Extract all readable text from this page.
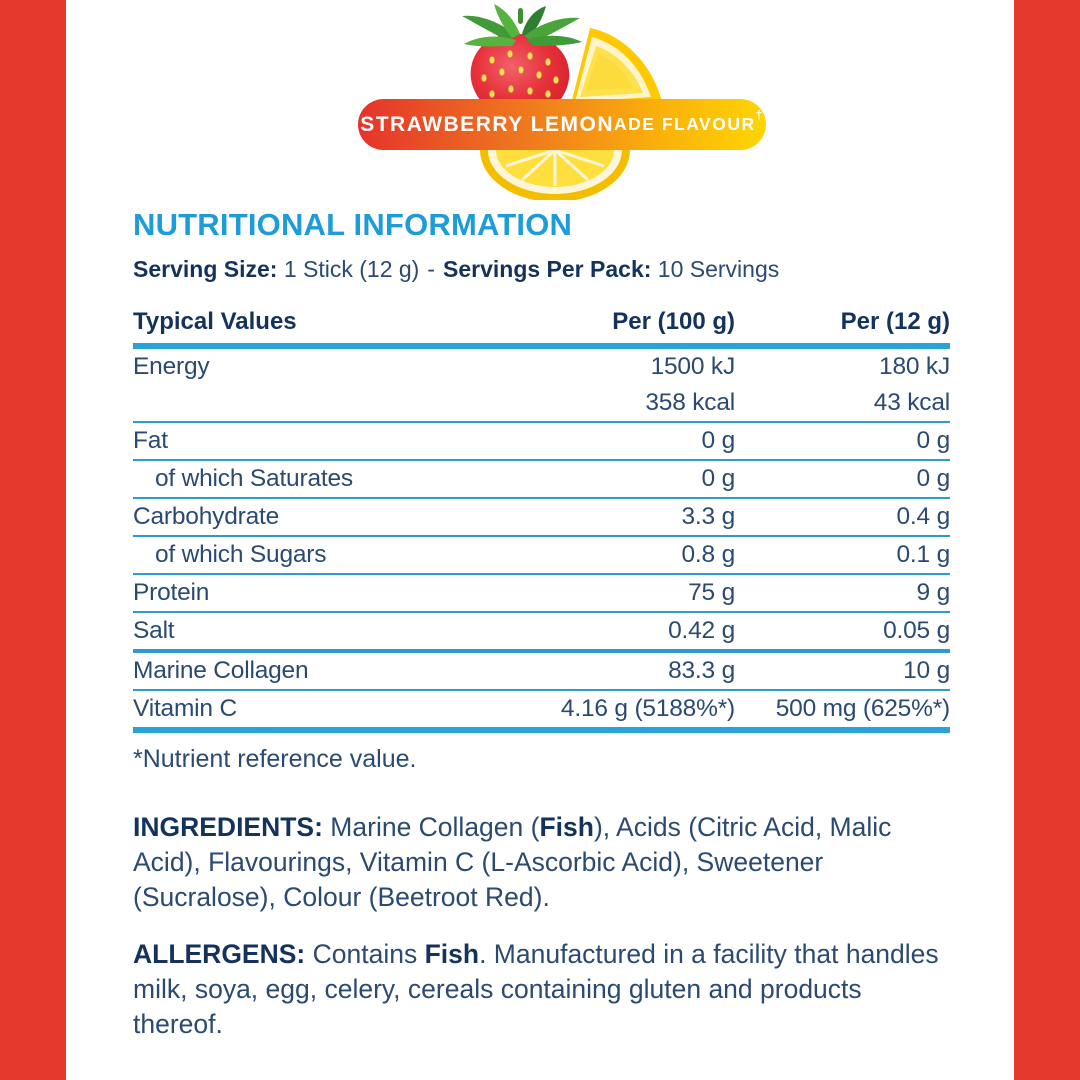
STRAWBERRY LEMON ADE FLAVOUR †
NUTRITIONAL INFORMATION
Serving Size: 1 Stick (12 g) - Servings Per Pack: 10 Servings
Typical Values	Per (100 g)	Per (12 g)
Energy	1500 kJ	180 kJ
358 kcal	43 kcal
Fat	0 g	0 g
of which Saturates	0 g	0 g
Carbohydrate	3.3 g	0.4 g
of which Sugars	0.8 g	0.1 g
Protein	75 g	9 g
Salt	0.42 g	0.05 g
Marine Collagen	83.3 g	10 g
Vitamin C	4.16 g (5188%*)	500 mg (625%*)
*Nutrient reference value.

INGREDIENTS: Marine Collagen (Fish), Acids (Citric Acid, Malic Acid), Flavourings, Vitamin C (L-Ascorbic Acid), Sweetener (Sucralose), Colour (Beetroot Red).

ALLERGENS: Contains Fish. Manufactured in a facility that handles milk, soya, egg, celery, cereals containing gluten and products thereof.
